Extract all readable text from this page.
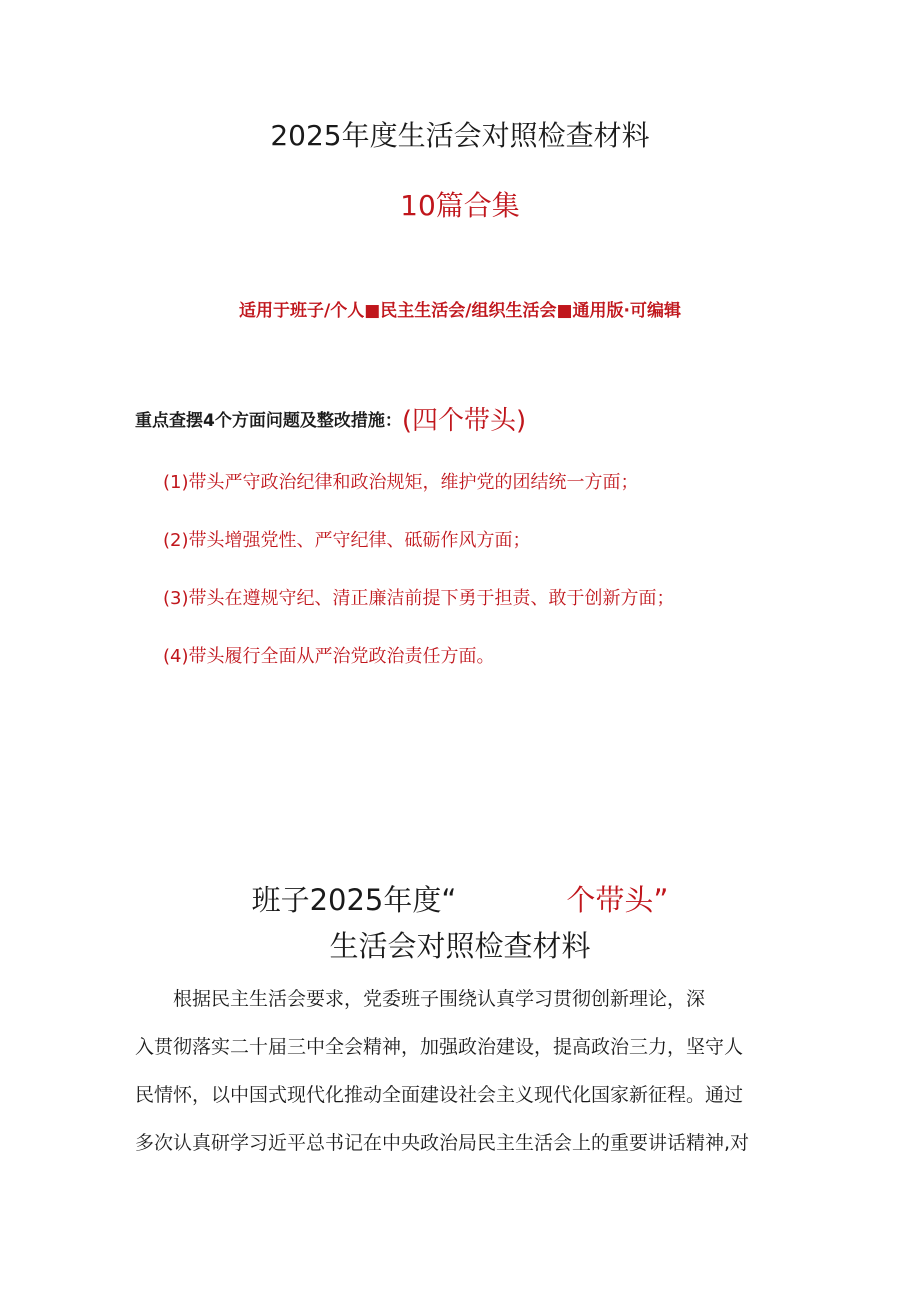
2025年度生活会对照检查材料
10篇合集
适用于班子/个人■民主生活会/组织生活会■通用版·可编辑
重点查摆4个方面问题及整改措施：(四个带头)
(1)带头严守政治纪律和政治规矩，维护党的团结统一方面；
(2)带头增强党性、严守纪律、砥砺作风方面；
(3)带头在遵规守纪、清正廉洁前提下勇于担责、敢于创新方面；
(4)带头履行全面从严治党政治责任方面。
班子2025年度“	个带头”
生活会对照检查材料
根据民主生活会要求，党委班子围绕认真学习贯彻创新理论，深
入贯彻落实二十届三中全会精神，加强政治建设，提高政治三力，坚守人
民情怀，以中国式现代化推动全面建设社会主义现代化国家新征程。通过
多次认真研学习近平总书记在中央政治局民主生活会上的重要讲话精神,对
